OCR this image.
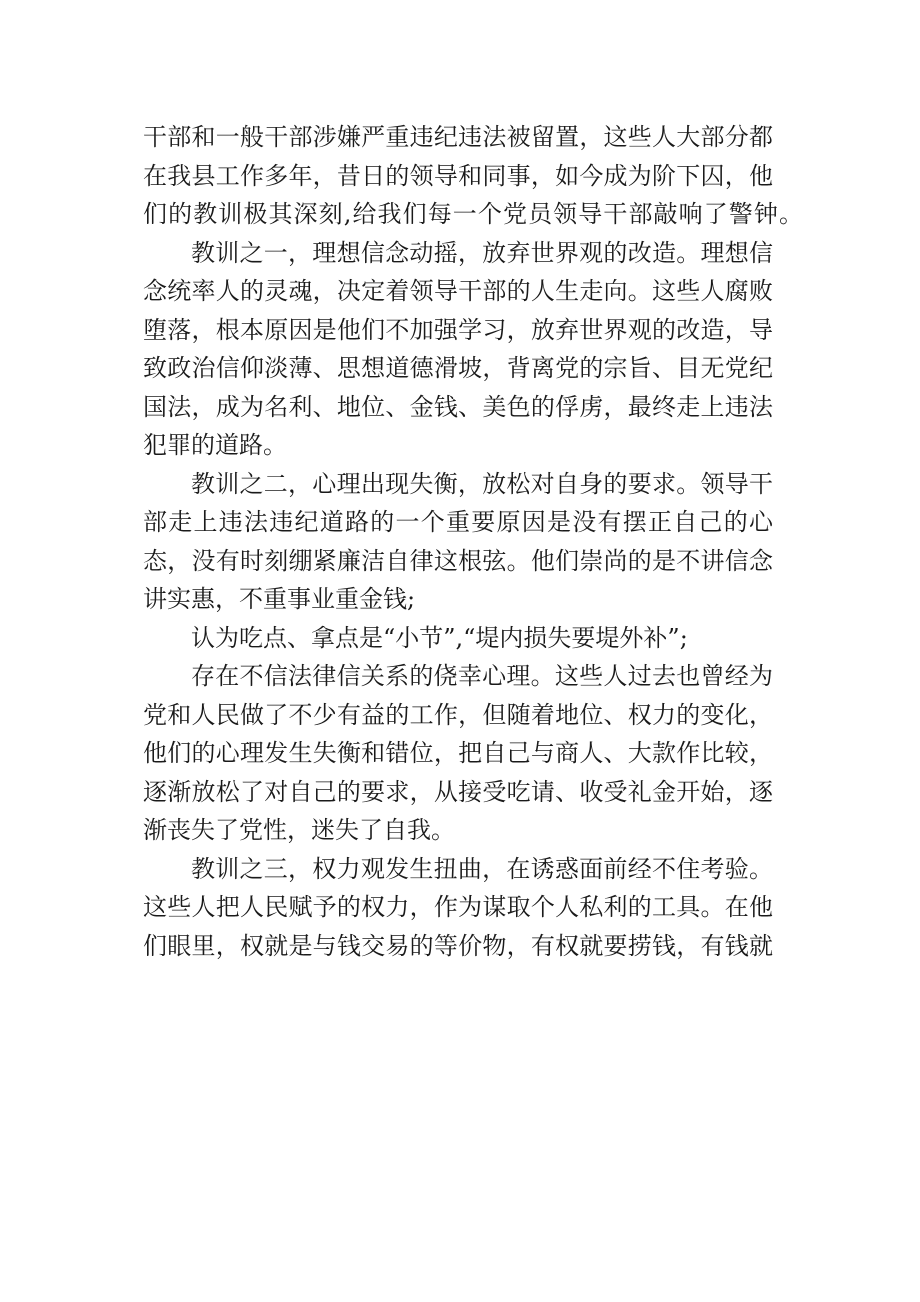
干部和一般干部涉嫌严重违纪违法被留置，这些人大部分都
在我县工作多年，昔日的领导和同事，如今成为阶下囚，他
们的教训极其深刻,给我们每一个党员领导干部敲响了警钟。
教训之一，理想信念动摇，放弃世界观的改造。理想信
念统率人的灵魂，决定着领导干部的人生走向。这些人腐败
堕落，根本原因是他们不加强学习，放弃世界观的改造，导
致政治信仰淡薄、思想道德滑坡，背离党的宗旨、目无党纪
国法，成为名利、地位、金钱、美色的俘虏，最终走上违法
犯罪的道路。
教训之二，心理出现失衡，放松对自身的要求。领导干
部走上违法违纪道路的一个重要原因是没有摆正自己的心
态，没有时刻绷紧廉洁自律这根弦。他们崇尚的是不讲信念
讲实惠，不重事业重金钱;
认为吃点、拿点是“小节”,“堤内损失要堤外补”;
存在不信法律信关系的侥幸心理。这些人过去也曾经为
党和人民做了不少有益的工作，但随着地位、权力的变化，
他们的心理发生失衡和错位，把自己与商人、大款作比较，
逐渐放松了对自己的要求，从接受吃请、收受礼金开始，逐
渐丧失了党性，迷失了自我。
教训之三，权力观发生扭曲，在诱惑面前经不住考验。
这些人把人民赋予的权力，作为谋取个人私利的工具。在他
们眼里，权就是与钱交易的等价物，有权就要捞钱，有钱就
